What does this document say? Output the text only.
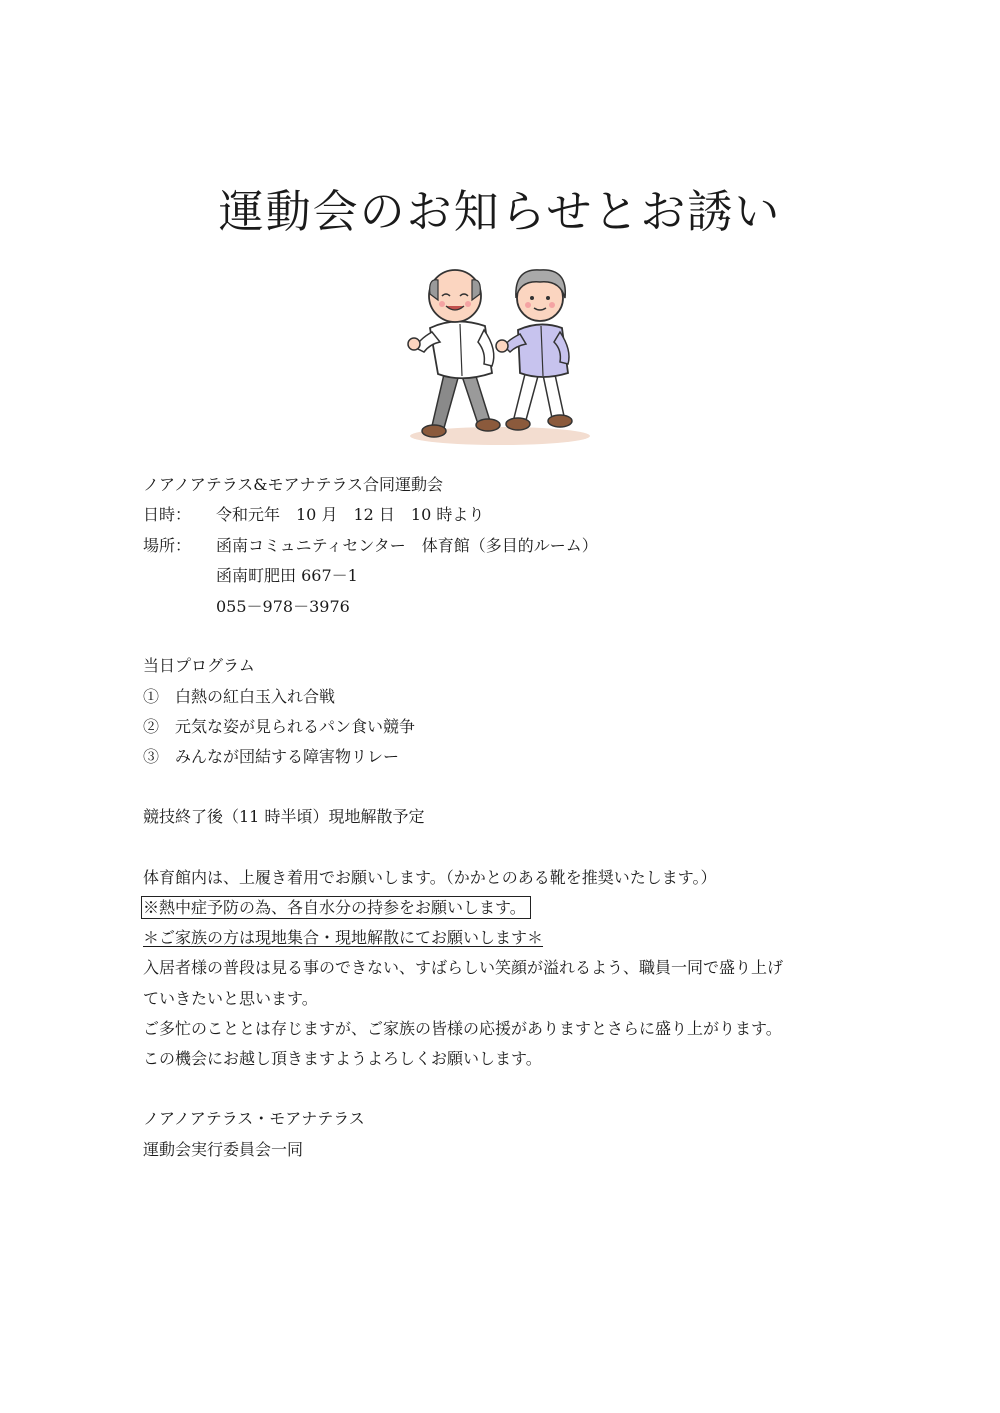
運動会のお知らせとお誘い
ノアノアテラス&モアナテラス合同運動会
日時： 令和元年　10 月　12 日　10 時より
場所： 函南コミュニティセンター　体育館（多目的ルーム）
函南町肥田 667－1
055－978－3976
当日プログラム
①　白熱の紅白玉入れ合戦
②　元気な姿が見られるパン食い競争
③　みんなが団結する障害物リレー
競技終了後（11 時半頃）現地解散予定
体育館内は、上履き着用でお願いします。（かかとのある靴を推奨いたします。）
※熱中症予防の為、各自水分の持参をお願いします。
＊ご家族の方は現地集合・現地解散にてお願いします＊
入居者様の普段は見る事のできない、すばらしい笑顔が溢れるよう、職員一同で盛り上げ
ていきたいと思います。
ご多忙のこととは存じますが、ご家族の皆様の応援がありますとさらに盛り上がります。
この機会にお越し頂きますようよろしくお願いします。
ノアノアテラス・モアナテラス
運動会実行委員会一同
